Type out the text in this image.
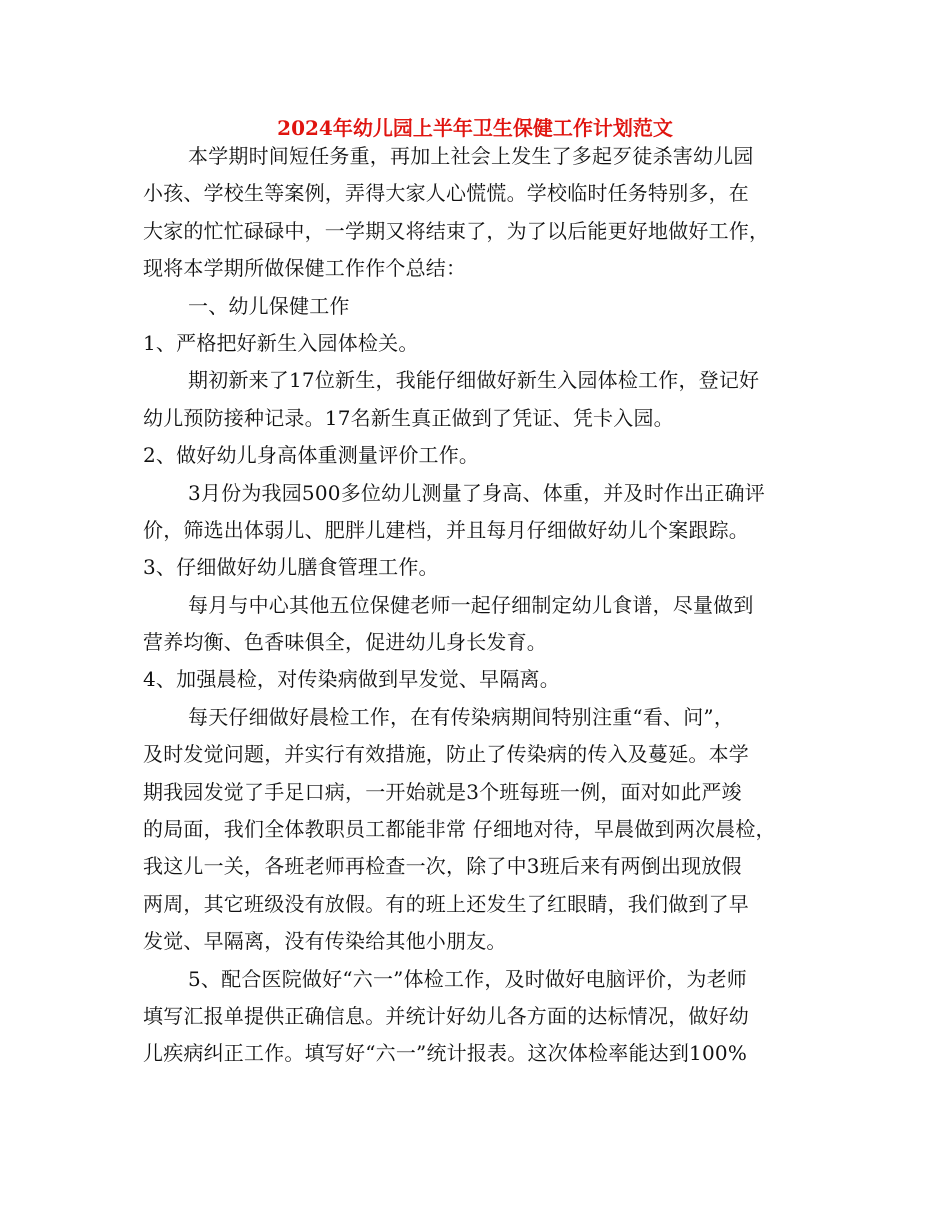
2024年幼儿园上半年卫生保健工作计划范文
本学期时间短任务重，再加上社会上发生了多起歹徒杀害幼儿园
小孩、学校生等案例，弄得大家人心慌慌。学校临时任务特别多，在
大家的忙忙碌碌中，一学期又将结束了，为了以后能更好地做好工作，
现将本学期所做保健工作作个总结：
一、幼儿保健工作
1、严格把好新生入园体检关。
期初新来了17位新生，我能仔细做好新生入园体检工作，登记好
幼儿预防接种记录。17名新生真正做到了凭证、凭卡入园。
2、做好幼儿身高体重测量评价工作。
3月份为我园500多位幼儿测量了身高、体重，并及时作出正确评
价，筛选出体弱儿、肥胖儿建档，并且每月仔细做好幼儿个案跟踪。
3、仔细做好幼儿膳食管理工作。
每月与中心其他五位保健老师一起仔细制定幼儿食谱，尽量做到
营养均衡、色香味俱全，促进幼儿身长发育。
4、加强晨检，对传染病做到早发觉、早隔离。
每天仔细做好晨检工作，在有传染病期间特别注重“看、问”，
及时发觉问题，并实行有效措施，防止了传染病的传入及蔓延。本学
期我园发觉了手足口病，一开始就是3个班每班一例，面对如此严竣
的局面，我们全体教职员工都能非常 仔细地对待，早晨做到两次晨检，
我这儿一关，各班老师再检查一次，除了中3班后来有两倒出现放假
两周，其它班级没有放假。有的班上还发生了红眼睛，我们做到了早
发觉、早隔离，没有传染给其他小朋友。
5、配合医院做好“六一”体检工作，及时做好电脑评价，为老师
填写汇报单提供正确信息。并统计好幼儿各方面的达标情况，做好幼
儿疾病纠正工作。填写好“六一”统计报表。这次体检率能达到100%
